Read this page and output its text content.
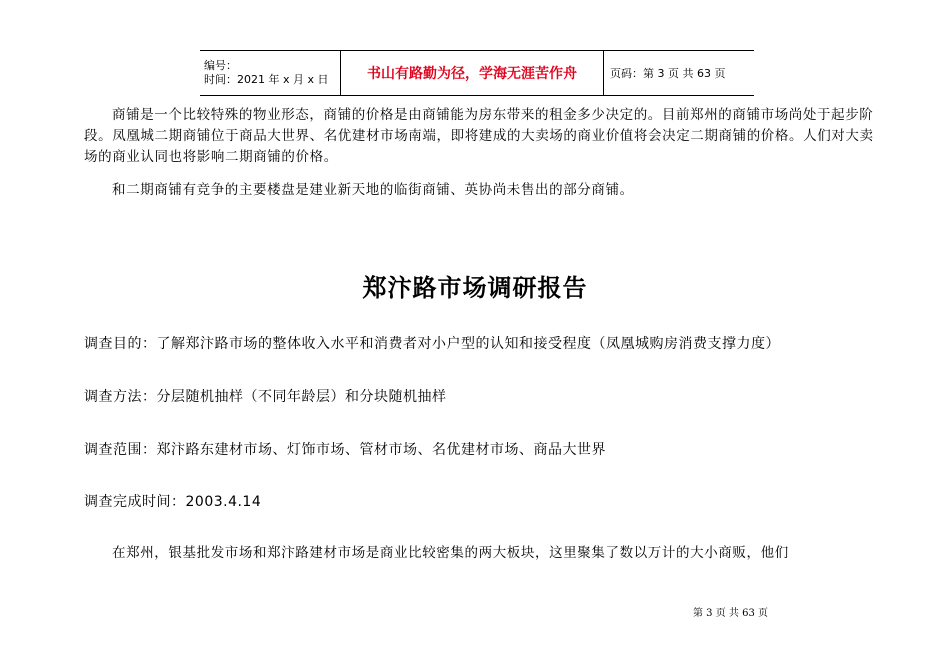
编号：
时间：2021 年 x 月 x 日	书山有路勤为径，学海无涯苦作舟	页码：第 3 页 共 63 页

商铺是一个比较特殊的物业形态，商铺的价格是由商铺能为房东带来的租金多少决定的。目前郑州的商铺市场尚处于起步阶段。凤凰城二期商铺位于商品大世界、名优建材市场南端，即将建成的大卖场的商业价值将会决定二期商铺的价格。人们对大卖场的商业认同也将影响二期商铺的价格。

和二期商铺有竞争的主要楼盘是建业新天地的临街商铺、英协尚未售出的部分商铺。

郑汴路市场调研报告

调查目的：了解郑汴路市场的整体收入水平和消费者对小户型的认知和接受程度（凤凰城购房消费支撑力度）

调查方法：分层随机抽样（不同年龄层）和分块随机抽样

调查范围：郑汴路东建材市场、灯饰市场、管材市场、名优建材市场、商品大世界

调查完成时间：2003.4.14

在郑州，银基批发市场和郑汴路建材市场是商业比较密集的两大板块，这里聚集了数以万计的大小商贩，他们

第 3 页 共 63 页
